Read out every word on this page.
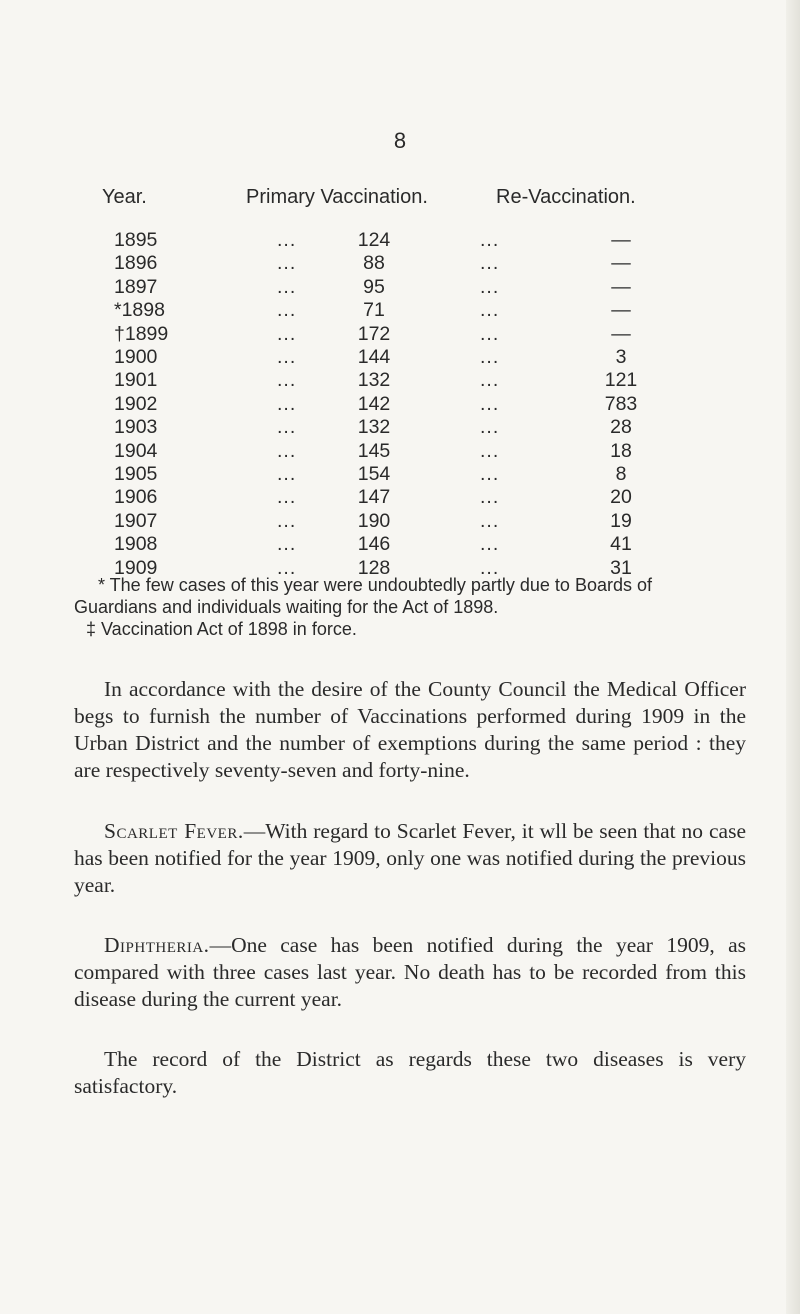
8
Year.	Primary Vaccination.	Re-Vaccination.
1895	...	124	...	—
1896	...	88	...	—
1897	...	95	...	—
*1898	...	71	...	—
†1899	...	172	...	—
1900	...	144	...	3
1901	...	132	...	121
1902	...	142	...	783
1903	...	132	...	28
1904	...	145	...	18
1905	...	154	...	8
1906	...	147	...	20
1907	...	190	...	19
1908	...	146	...	41
1909	...	128	...	31

* The few cases of this year were undoubtedly partly due to Boards of

Guardians and individuals waiting for the Act of 1898.

‡ Vaccination Act of 1898 in force.

In accordance with the desire of the County Council the Medical Officer begs to furnish the number of Vaccinations performed during 1909 in the Urban District and the number of exemptions during the same period : they are respectively seventy-seven and forty-nine.

Scarlet Fever.—With regard to Scarlet Fever, it wll be seen that no case has been notified for the year 1909, only one was notified during the previous year.

Diphtheria.—One case has been notified during the year 1909, as compared with three cases last year. No death has to be recorded from this disease during the current year.

The record of the District as regards these two diseases is very satisfactory.
